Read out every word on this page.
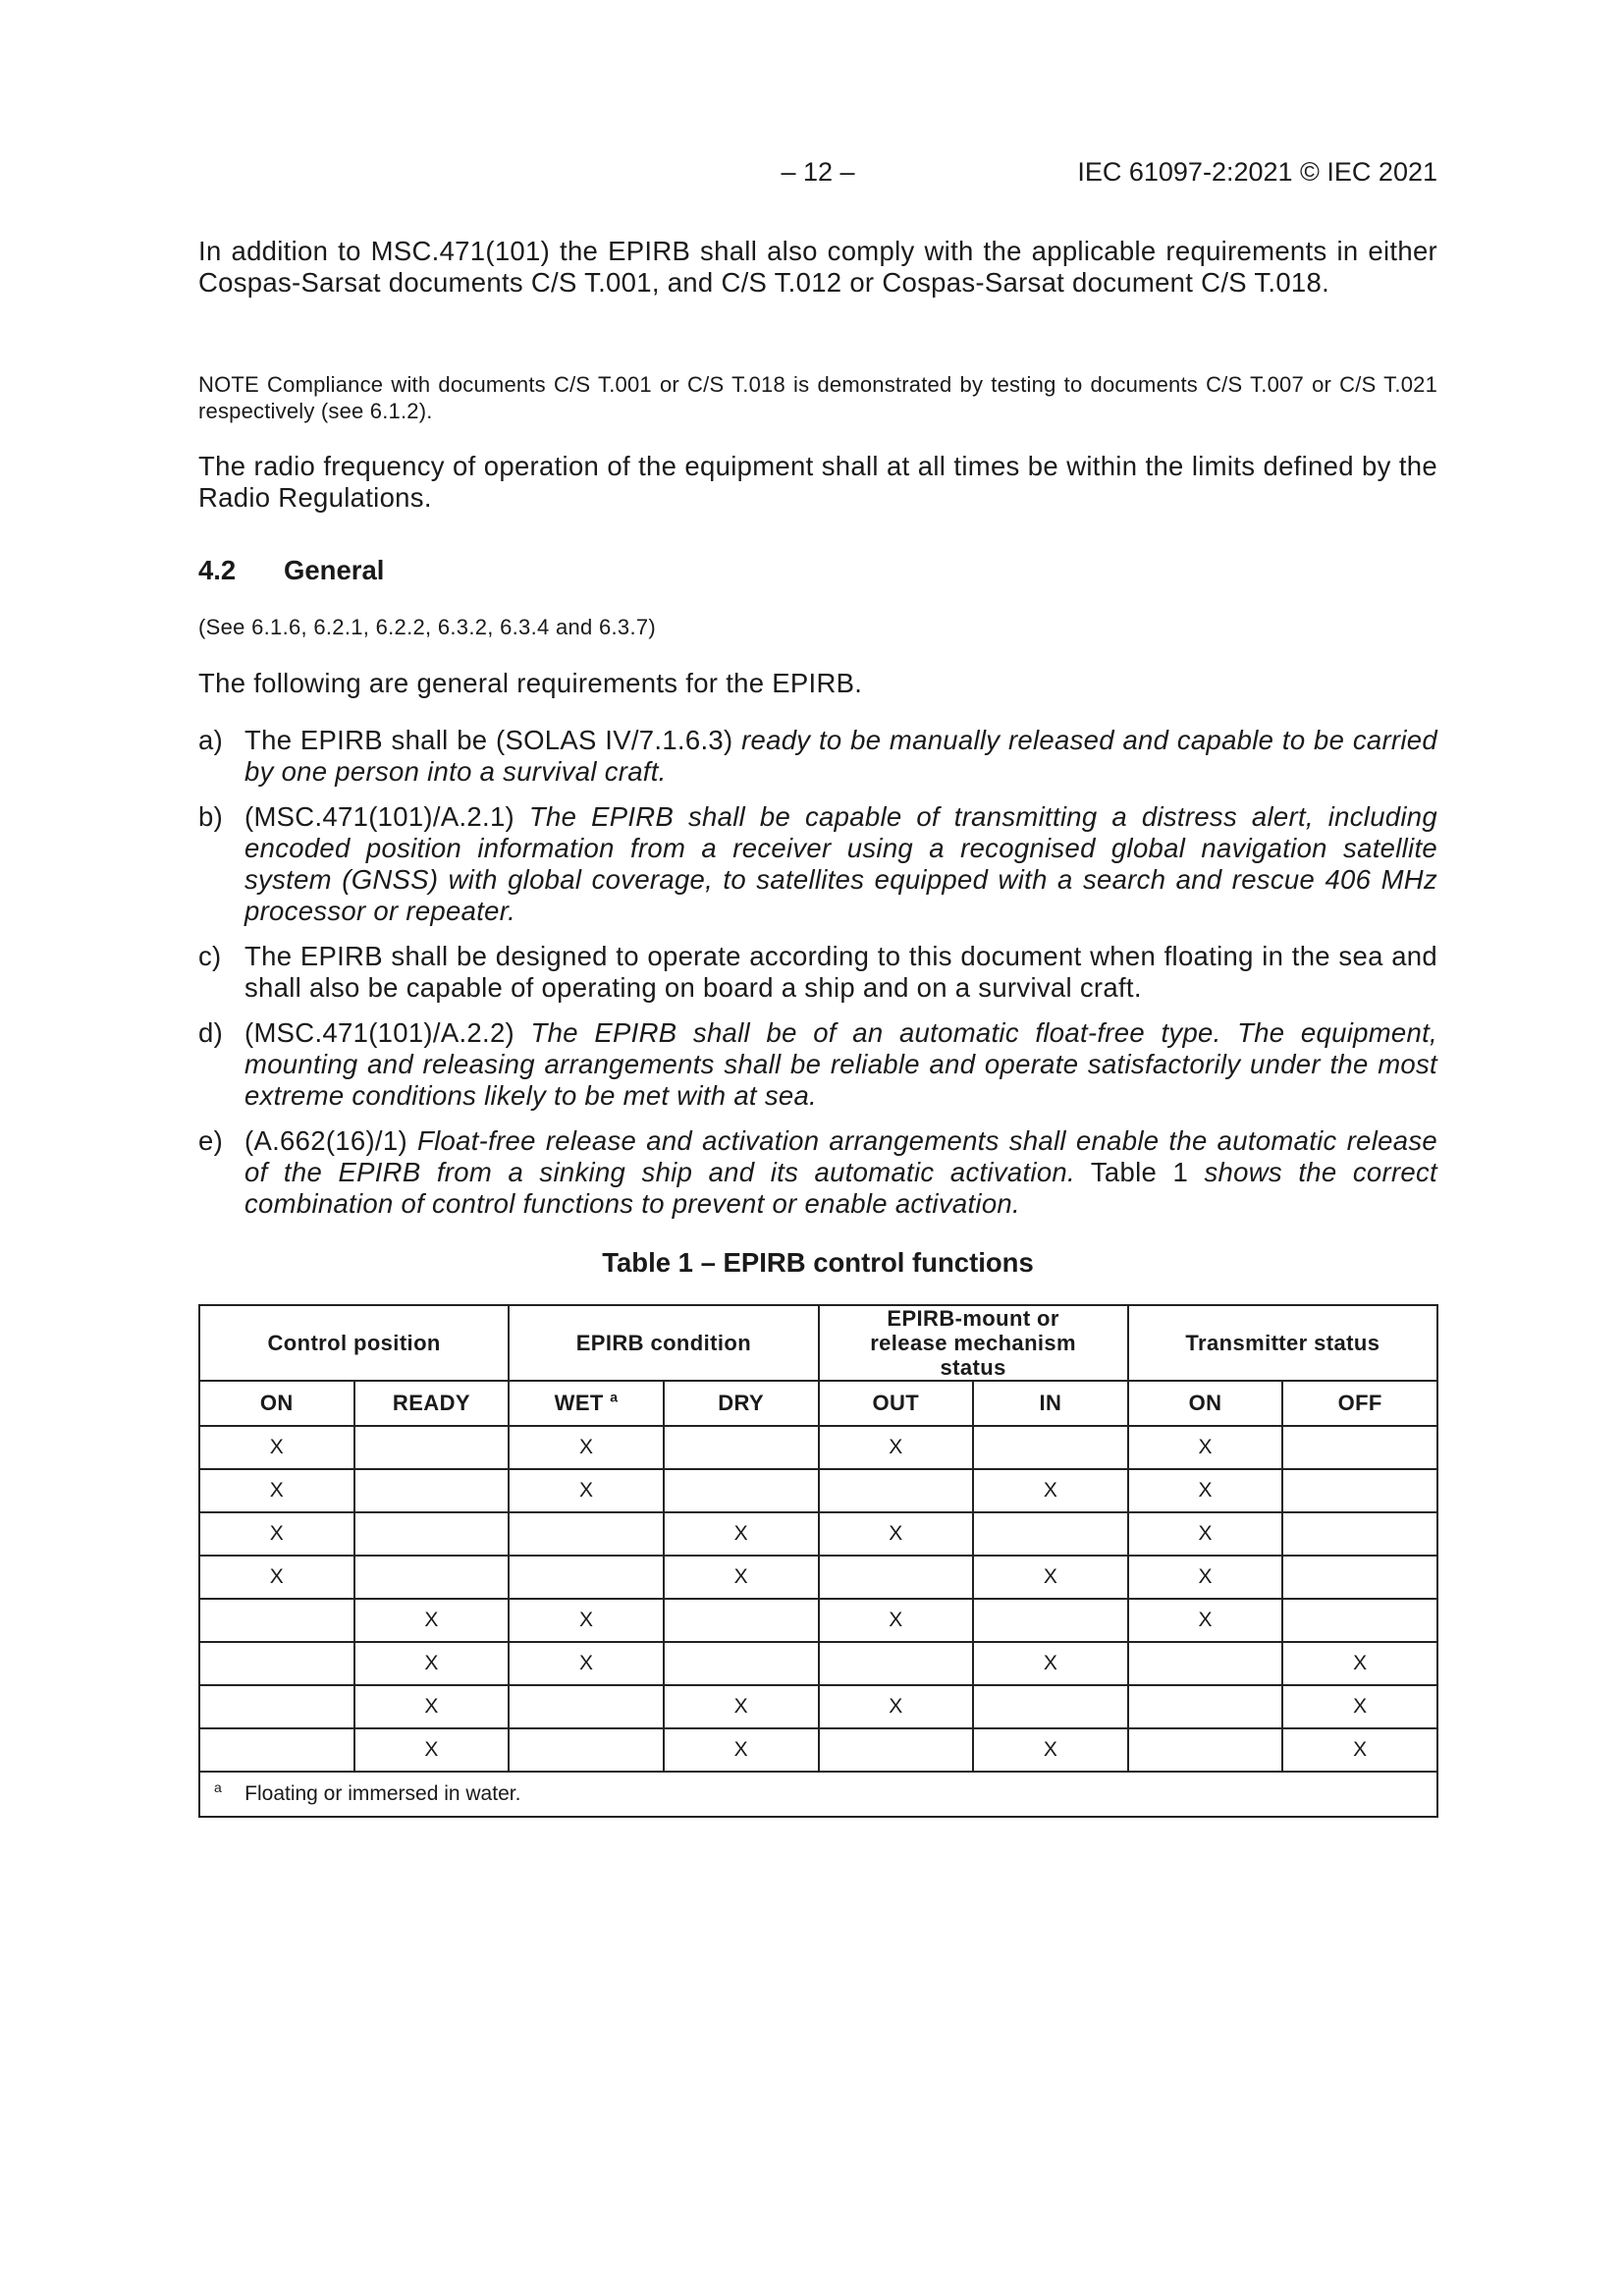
– 12 –	IEC 61097-2:2021 © IEC 2021
In addition to MSC.471(101) the EPIRB shall also comply with the applicable requirements in either Cospas-Sarsat documents C/S T.001, and C/S T.012 or Cospas-Sarsat document C/S T.018.
NOTE Compliance with documents C/S T.001 or C/S T.018 is demonstrated by testing to documents C/S T.007 or C/S T.021 respectively (see 6.1.2).
The radio frequency of operation of the equipment shall at all times be within the limits defined by the Radio Regulations.
4.2 General
(See 6.1.6, 6.2.1, 6.2.2, 6.3.2, 6.3.4 and 6.3.7)
The following are general requirements for the EPIRB.
a) The EPIRB shall be (SOLAS IV/7.1.6.3) ready to be manually released and capable to be carried by one person into a survival craft.
b) (MSC.471(101)/A.2.1) The EPIRB shall be capable of transmitting a distress alert, including encoded position information from a receiver using a recognised global navigation satellite system (GNSS) with global coverage, to satellites equipped with a search and rescue 406 MHz processor or repeater.
c) The EPIRB shall be designed to operate according to this document when floating in the sea and shall also be capable of operating on board a ship and on a survival craft.
d) (MSC.471(101)/A.2.2) The EPIRB shall be of an automatic float-free type. The equipment, mounting and releasing arrangements shall be reliable and operate satisfactorily under the most extreme conditions likely to be met with at sea.
e) (A.662(16)/1) Float-free release and activation arrangements shall enable the automatic release of the EPIRB from a sinking ship and its automatic activation. Table 1 shows the correct combination of control functions to prevent or enable activation.
Table 1 – EPIRB control functions
Control position		EPIRB condition		EPIRB-mount or release mechanism status		Transmitter status	
ON	READY	WET $^a$	DRY	OUT	IN	ON	OFF
X		X		X		X	
X		X			X	X	
X			X	X		X	
X			X		X	X	
	X	X		X		X	
	X	X			X		X
	X		X	X			X
	X		X		X		X
$^a$ Floating or immersed in water.							
